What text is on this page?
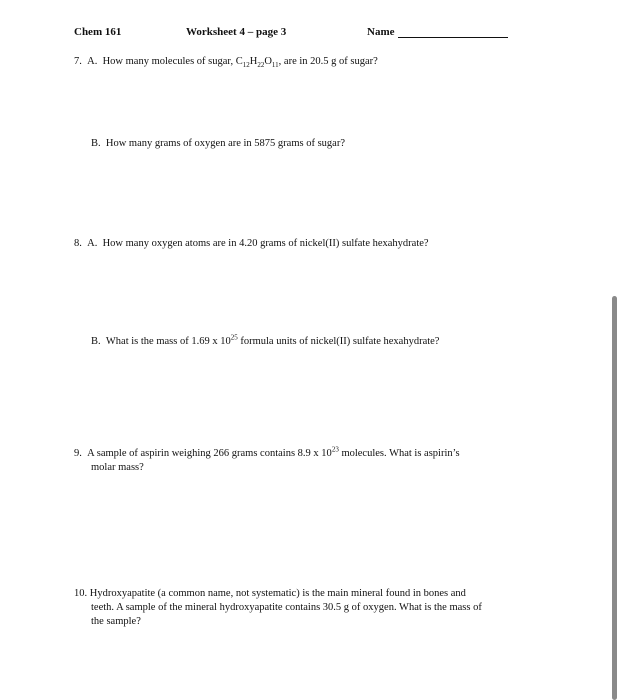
Chem 161	Worksheet 4 – page 3	Name
7. A. How many molecules of sugar, $C_{12}H_{22}O_{11}$, are in 20.5 g of sugar?
B. How many grams of oxygen are in 5875 grams of sugar?
8. A. How many oxygen atoms are in 4.20 grams of nickel(II) sulfate hexahydrate?
B. What is the mass of 1.69 x $10^{25}$ formula units of nickel(II) sulfate hexahydrate?
9. A sample of aspirin weighing 266 grams contains 8.9 x $10^{23}$ molecules. What is aspirin’s
molar mass?
10. Hydroxyapatite (a common name, not systematic) is the main mineral found in bones and
teeth. A sample of the mineral hydroxyapatite contains 30.5 g of oxygen. What is the mass of
the sample?
